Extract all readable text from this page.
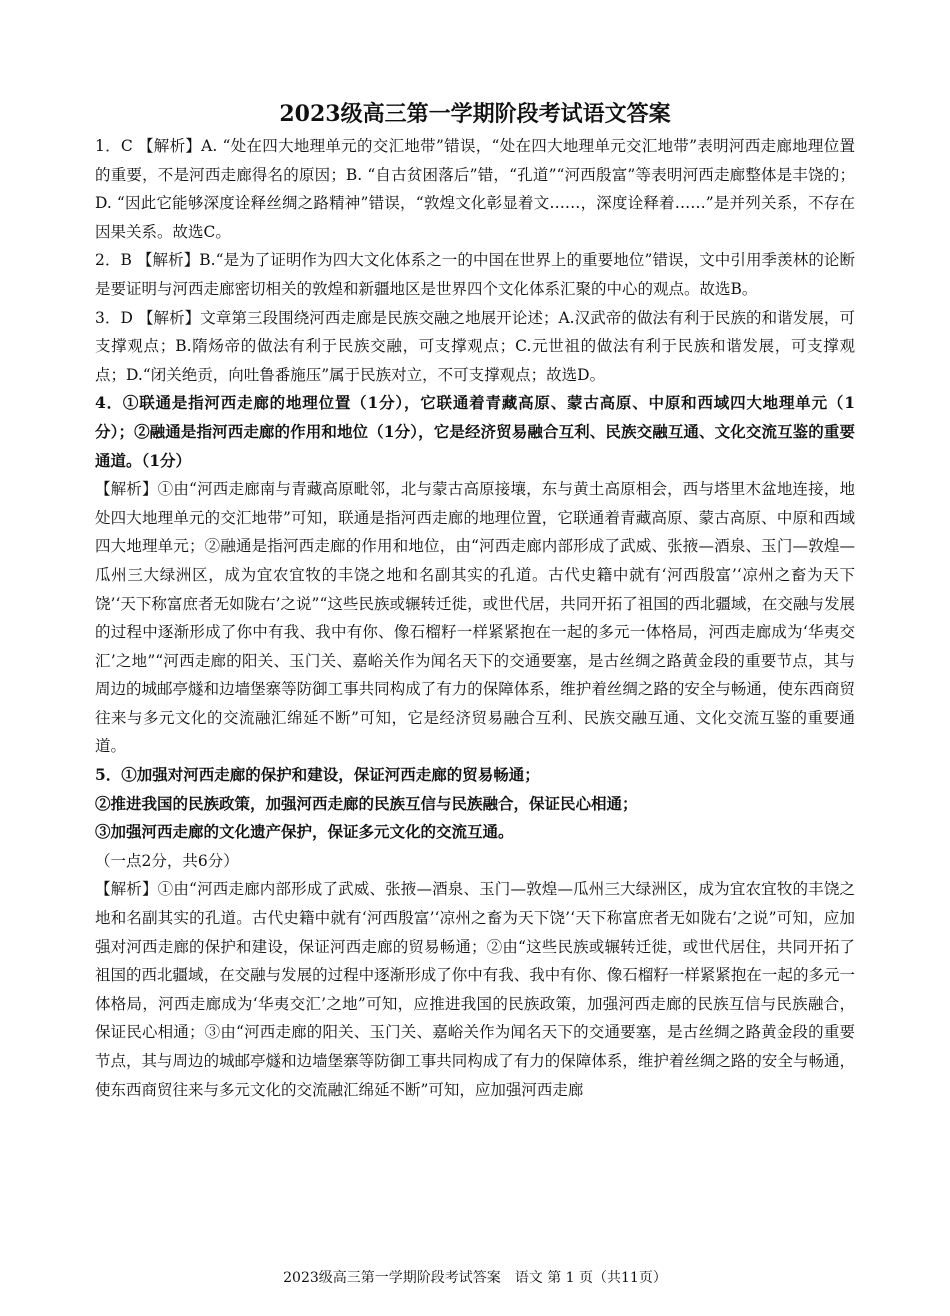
2023级高三第一学期阶段考试语文答案

1．C 【解析】A. “处在四大地理单元的交汇地带”错误，“处在四大地理单元交汇地带”表明河西走廊地理位置的重要，不是河西走廊得名的原因；B. “自古贫困落后”错，“孔道”“河西殷富”等表明河西走廊整体是丰饶的；D. “因此它能够深度诠释丝绸之路精神”错误，“敦煌文化彰显着文……，深度诠释着……”是并列关系，不存在因果关系。故选C。

2．B 【解析】B.“是为了证明作为四大文化体系之一的中国在世界上的重要地位”错误，文中引用季羡林的论断是要证明与河西走廊密切相关的敦煌和新疆地区是世界四个文化体系汇聚的中心的观点。故选B。

3．D 【解析】文章第三段围绕河西走廊是民族交融之地展开论述；A.汉武帝的做法有利于民族的和谐发展，可支撑观点；B.隋炀帝的做法有利于民族交融，可支撑观点；C.元世祖的做法有利于民族和谐发展，可支撑观点；D.“闭关绝贡，向吐鲁番施压”属于民族对立，不可支撑观点；故选D。

4．①联通是指河西走廊的地理位置（1分），它联通着青藏高原、蒙古高原、中原和西域四大地理单元（1分）；②融通是指河西走廊的作用和地位（1分），它是经济贸易融合互利、民族交融互通、文化交流互鉴的重要通道。（1分）

【解析】①由“河西走廊南与青藏高原毗邻，北与蒙古高原接壤，东与黄土高原相会，西与塔里木盆地连接，地处四大地理单元的交汇地带”可知，联通是指河西走廊的地理位置，它联通着青藏高原、蒙古高原、中原和西域四大地理单元；②融通是指河西走廊的作用和地位，由“河西走廊内部形成了武威、张掖—酒泉、玉门—敦煌—瓜州三大绿洲区，成为宜农宜牧的丰饶之地和名副其实的孔道。古代史籍中就有‘河西殷富’‘凉州之畜为天下饶’‘天下称富庶者无如陇右’之说”“这些民族或辗转迁徙，或世代居，共同开拓了祖国的西北疆域，在交融与发展的过程中逐渐形成了你中有我、我中有你、像石榴籽一样紧紧抱在一起的多元一体格局，河西走廊成为‘华夷交汇’之地”“河西走廊的阳关、玉门关、嘉峪关作为闻名天下的交通要塞，是古丝绸之路黄金段的重要节点，其与周边的城邮亭燧和边墙堡寨等防御工事共同构成了有力的保障体系，维护着丝绸之路的安全与畅通，使东西商贸往来与多元文化的交流融汇绵延不断”可知，它是经济贸易融合互利、民族交融互通、文化交流互鉴的重要通道。

5．①加强对河西走廊的保护和建设，保证河西走廊的贸易畅通；

②推进我国的民族政策，加强河西走廊的民族互信与民族融合，保证民心相通；

③加强河西走廊的文化遗产保护，保证多元文化的交流互通。

（一点2分，共6分）

【解析】①由“河西走廊内部形成了武威、张掖—酒泉、玉门—敦煌—瓜州三大绿洲区，成为宜农宜牧的丰饶之地和名副其实的孔道。古代史籍中就有‘河西殷富’‘凉州之畜为天下饶’‘天下称富庶者无如陇右’之说”可知，应加强对河西走廊的保护和建设，保证河西走廊的贸易畅通；②由“这些民族或辗转迁徙，或世代居住，共同开拓了祖国的西北疆域，在交融与发展的过程中逐渐形成了你中有我、我中有你、像石榴籽一样紧紧抱在一起的多元一体格局，河西走廊成为‘华夷交汇’之地”可知，应推进我国的民族政策，加强河西走廊的民族互信与民族融合，保证民心相通；③由“河西走廊的阳关、玉门关、嘉峪关作为闻名天下的交通要塞，是古丝绸之路黄金段的重要节点，其与周边的城邮亭燧和边墙堡寨等防御工事共同构成了有力的保障体系，维护着丝绸之路的安全与畅通，使东西商贸往来与多元文化的交流融汇绵延不断”可知，应加强河西走廊

2023级高三第一学期阶段考试答案　语文 第 1 页（共11页）
